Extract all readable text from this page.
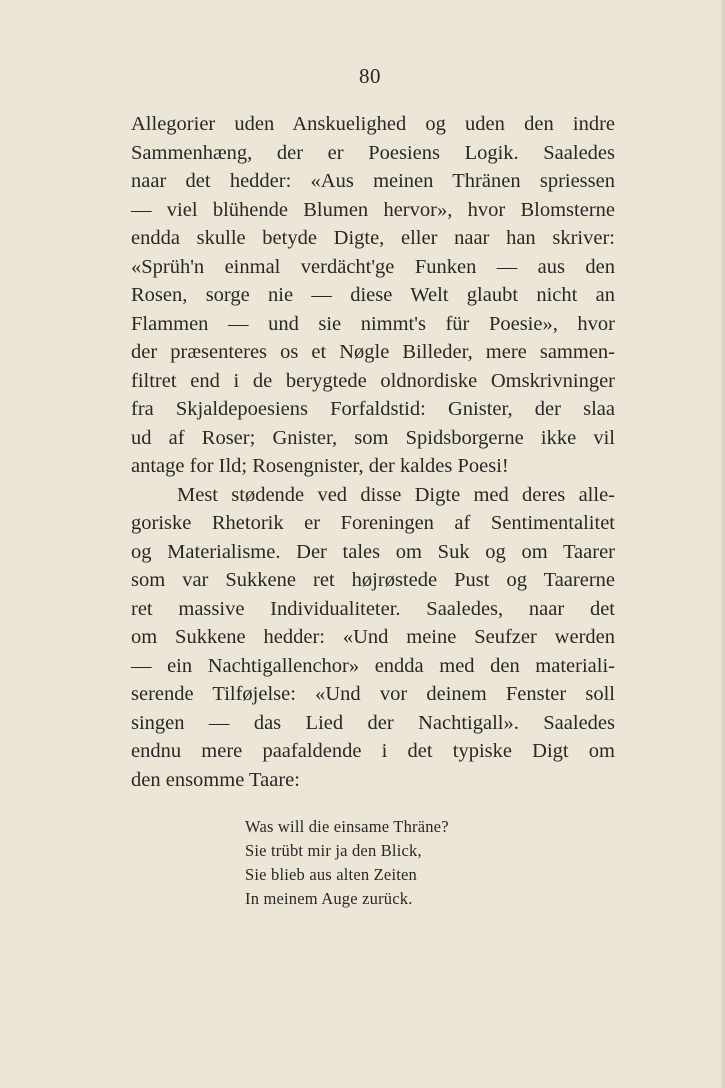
80
Allegorier uden Anskuelighed og uden den indre
Sammenhæng, der er Poesiens Logik. Saaledes
naar det hedder: «Aus meinen Thränen spriessen
— viel blühende Blumen hervor», hvor Blomsterne
endda skulle betyde Digte, eller naar han skriver:
«Sprüh'n einmal verdächt'ge Funken — aus den
Rosen, sorge nie — diese Welt glaubt nicht an
Flammen — und sie nimmt's für Poesie», hvor
der præsenteres os et Nøgle Billeder, mere sammen-
filtret end i de berygtede oldnordiske Omskrivninger
fra Skjaldepoesiens Forfaldstid: Gnister, der slaa
ud af Roser; Gnister, som Spidsborgerne ikke vil
antage for Ild; Rosengnister, der kaldes Poesi!
Mest stødende ved disse Digte med deres alle-
goriske Rhetorik er Foreningen af Sentimentalitet
og Materialisme. Der tales om Suk og om Taarer
som var Sukkene ret højrøstede Pust og Taarerne
ret massive Individualiteter. Saaledes, naar det
om Sukkene hedder: «Und meine Seufzer werden
— ein Nachtigallenchor» endda med den materiali-
serende Tilføjelse: «Und vor deinem Fenster soll
singen — das Lied der Nachtigall». Saaledes
endnu mere paafaldende i det typiske Digt om
den ensomme Taare:
Was will die einsame Thräne?
Sie trübt mir ja den Blick,
Sie blieb aus alten Zeiten
In meinem Auge zurück.
